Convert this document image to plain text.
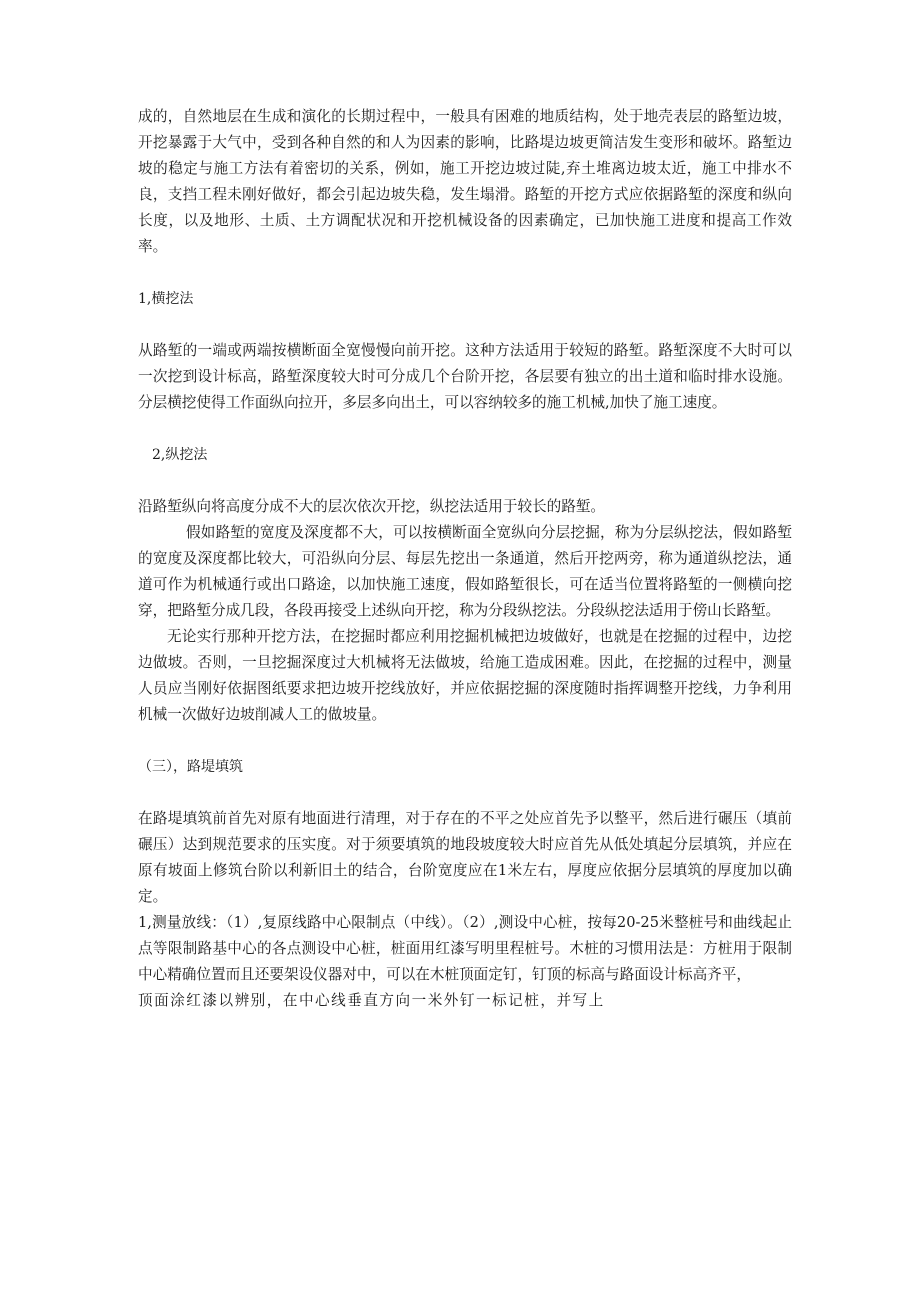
成的，自然地层在生成和演化的长期过程中，一般具有困难的地质结构，处于地壳表层的路堑边坡，开挖暴露于大气中，受到各种自然的和人为因素的影响，比路堤边坡更简洁发生变形和破坏。路堑边坡的稳定与施工方法有着密切的关系，例如，施工开挖边坡过陡,弃土堆离边坡太近，施工中排水不良，支挡工程未刚好做好，都会引起边坡失稳，发生塌滑。路堑的开挖方式应依据路堑的深度和纵向长度，以及地形、土质、土方调配状况和开挖机械设备的因素确定，已加快施工进度和提高工作效率。

1,横挖法

从路堑的一端或两端按横断面全宽慢慢向前开挖。这种方法适用于较短的路堑。路堑深度不大时可以一次挖到设计标高，路堑深度较大时可分成几个台阶开挖，各层要有独立的出土道和临时排水设施。分层横挖使得工作面纵向拉开，多层多向出土，可以容纳较多的施工机械,加快了施工速度。

2,纵挖法

沿路堑纵向将高度分成不大的层次依次开挖，纵挖法适用于较长的路堑。

假如路堑的宽度及深度都不大，可以按横断面全宽纵向分层挖掘，称为分层纵挖法，假如路堑的宽度及深度都比较大，可沿纵向分层、每层先挖出一条通道，然后开挖两旁，称为通道纵挖法，通道可作为机械通行或出口路途，以加快施工速度，假如路堑很长，可在适当位置将路堑的一侧横向挖穿，把路堑分成几段，各段再接受上述纵向开挖，称为分段纵挖法。分段纵挖法适用于傍山长路堑。

无论实行那种开挖方法，在挖掘时都应利用挖掘机械把边坡做好，也就是在挖掘的过程中，边挖边做坡。否则，一旦挖掘深度过大机械将无法做坡，给施工造成困难。因此，在挖掘的过程中，测量人员应当刚好依据图纸要求把边坡开挖线放好，并应依据挖掘的深度随时指挥调整开挖线，力争利用机械一次做好边坡削减人工的做坡量。

（三），路堤填筑

在路堤填筑前首先对原有地面进行清理，对于存在的不平之处应首先予以整平，然后进行碾压（填前碾压）达到规范要求的压实度。对于须要填筑的地段坡度较大时应首先从低处填起分层填筑，并应在原有坡面上修筑台阶以利新旧土的结合，台阶宽度应在1米左右，厚度应依据分层填筑的厚度加以确定。

1,测量放线：（1）,复原线路中心限制点（中线）。（2）,测设中心桩，按每20-25米整桩号和曲线起止点等限制路基中心的各点测设中心桩，桩面用红漆写明里程桩号。木桩的习惯用法是：方桩用于限制中心精确位置而且还要架设仪器对中，可以在木桩顶面定钉，钉顶的标高与路面设计标高齐平，

顶面涂红漆以辨别，在中心线垂直方向一米外钉一标记桩，并写上
